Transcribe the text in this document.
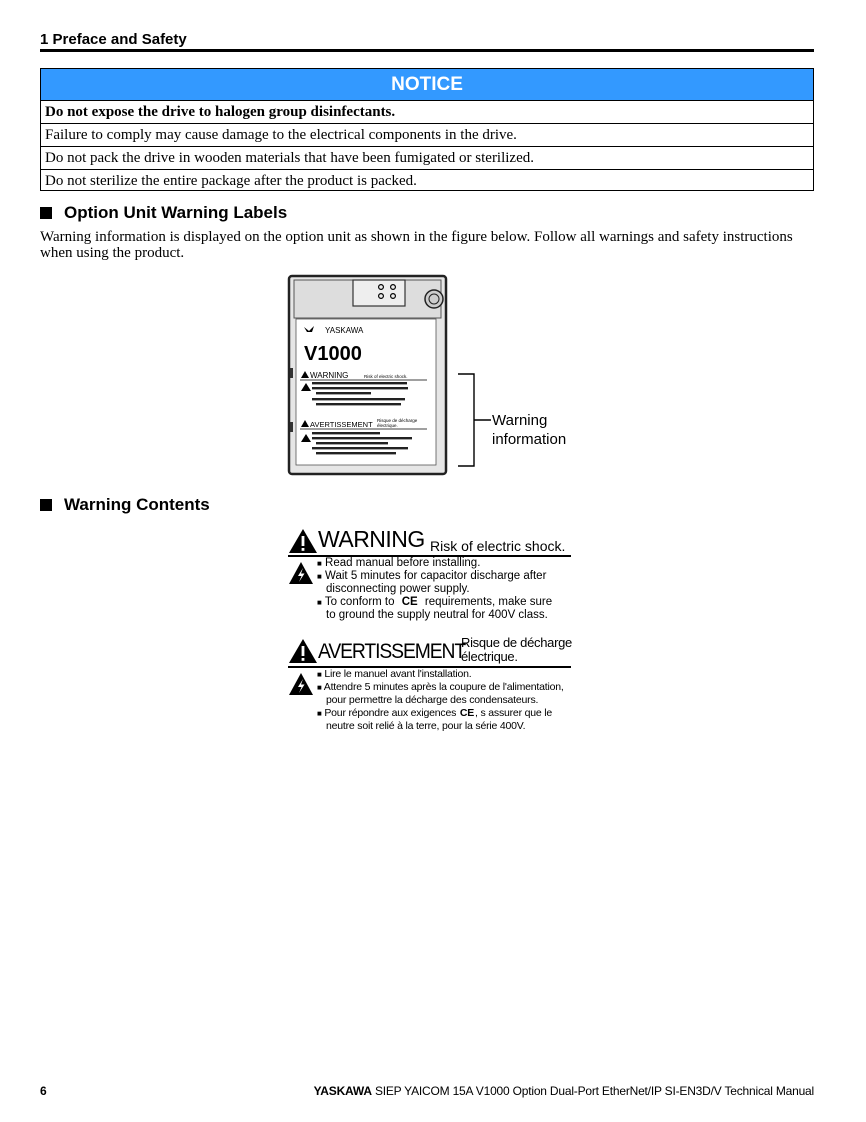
1 Preface and Safety
NOTICE
Do not expose the drive to halogen group disinfectants.
Failure to comply may cause damage to the electrical components in the drive.
Do not pack the drive in wooden materials that have been fumigated or sterilized.
Do not sterilize the entire package after the product is packed.
Option Unit Warning Labels
Warning information is displayed on the option unit as shown in the figure below. Follow all warnings and safety instructions when using the product.
YASKAWA
V1000
WARNING	Risk of electric shock.
AVERTISSEMENT Risque de décharge
électrique.	Warning
information
Warning Contents
WARNING Risk of electric shock.
■ Read manual before installing.
■ Wait 5 minutes for capacitor discharge after
disconnecting power supply.
■ To conform to CE requirements, make sure
to ground the supply neutral for 400V class.
AVERTISSEMENT
Risque de décharge
électrique.
■ Lire le manuel avant l'installation.
■ Attendre 5 minutes après la coupure de l'alimentation,
pour permettre la décharge des condensateurs.
■ Pour répondre aux exigences CE, s assurer que le
neutre soit relié à la terre, pour la série 400V.
6	YASKAWA SIEP YAICOM 15A V1000 Option Dual-Port EtherNet/IP SI-EN3D/V Technical Manual
